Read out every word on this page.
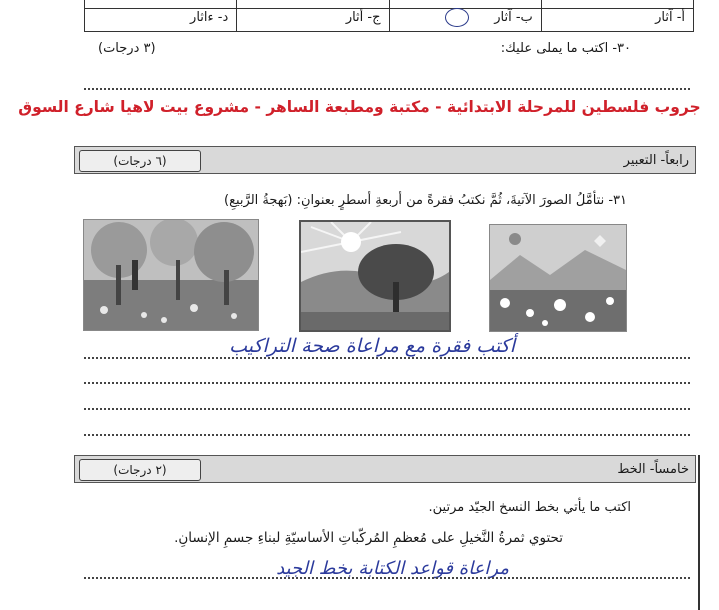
أ- آثار
ب- آثار
ج- أثار
د- ءاثار
٣٠- اكتب ما يملى عليك:
(٣ درجات)
جروب فلسطين للمرحلة الابتدائية - مكتبة ومطبعة الساهر - مشروع بيت لاهيا شارع السوق
رابعاً- التعبير
(٦ درجات)
٣١- نتأمَّلُ الصورَ الآتيةَ، ثُمَّ نكتبُ فقرةً من أربعةِ أسطرٍ بعنوانِ: (بَهجةُ الرَّبيعِ)
أكتب فقرة مع مراعاة صحة التراكيب
خامساً- الخط
(٢ درجات)
اكتب ما يأتي بخط النسخ الجيّد مرتين.
تحتوي ثمرةُ النَّخيلِ على مُعظمِ المُركّباتِ الأساسيّةِ لبناءِ جسمِ الإنسانِ.
مراعاة قواعد الكتابة بخط الجيد
